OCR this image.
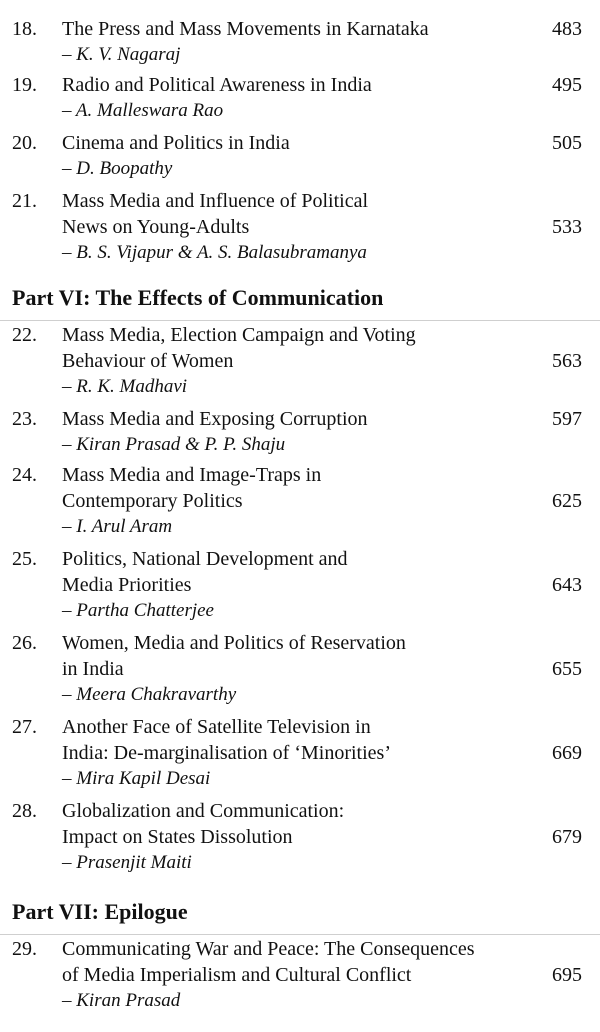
18. The Press and Mass Movements in Karnataka
– K. V. Nagaraj
483
19. Radio and Political Awareness in India
– A. Malleswara Rao
495
20. Cinema and Politics in India
– D. Boopathy
505
21. Mass Media and Influence of Political
News on Young-Adults
– B. S. Vijapur & A. S. Balasubramanya
533
Part VI: The Effects of Communication
22. Mass Media, Election Campaign and Voting
Behaviour of Women
– R. K. Madhavi
563
23. Mass Media and Exposing Corruption
– Kiran Prasad & P. P. Shaju
597
24. Mass Media and Image-Traps in
Contemporary Politics
– I. Arul Aram
625
25. Politics, National Development and
Media Priorities
– Partha Chatterjee
643
26. Women, Media and Politics of Reservation
in India
– Meera Chakravarthy
655
27. Another Face of Satellite Television in
India: De-marginalisation of ‘Minorities’
– Mira Kapil Desai
669
28. Globalization and Communication:
Impact on States Dissolution
– Prasenjit Maiti
679
Part VII: Epilogue
29. Communicating War and Peace: The Consequences
of Media Imperialism and Cultural Conflict
– Kiran Prasad
695
